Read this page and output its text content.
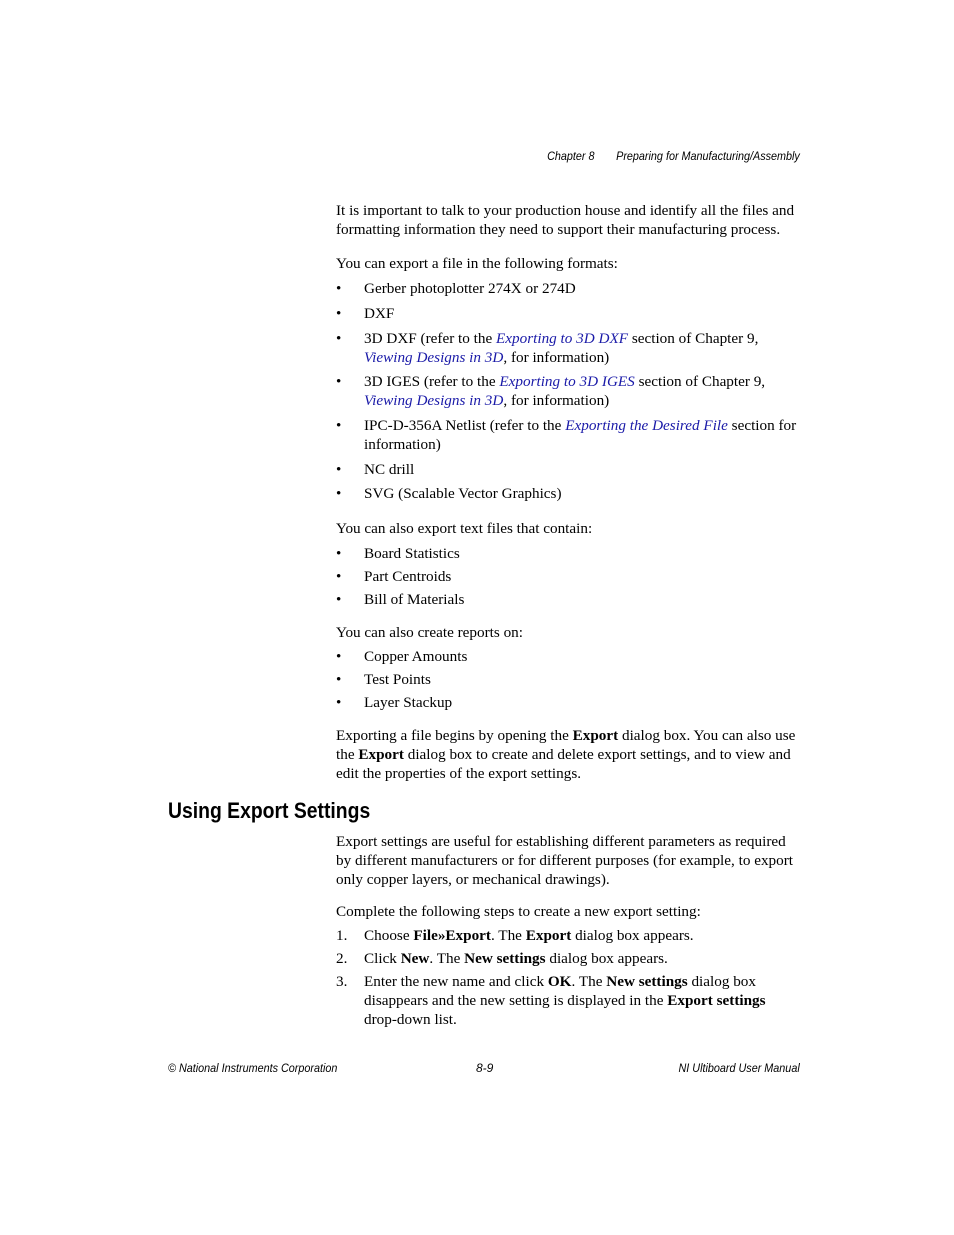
Chapter 8 Preparing for Manufacturing/Assembly

It is important to talk to your production house and identify all the files and formatting information they need to support their manufacturing process.

You can export a file in the following formats:

• Gerber photoplotter 274X or 274D
• DXF
• 3D DXF (refer to the Exporting to 3D DXF section of Chapter 9, Viewing Designs in 3D, for information)
• 3D IGES (refer to the Exporting to 3D IGES section of Chapter 9, Viewing Designs in 3D, for information)
• IPC-D-356A Netlist (refer to the Exporting the Desired File section for information)
• NC drill
• SVG (Scalable Vector Graphics)

You can also export text files that contain:

• Board Statistics
• Part Centroids
• Bill of Materials

You can also create reports on:

• Copper Amounts
• Test Points
• Layer Stackup

Exporting a file begins by opening the Export dialog box. You can also use the Export dialog box to create and delete export settings, and to view and edit the properties of the export settings.

Export settings are useful for establishing different parameters as required by different manufacturers or for different purposes (for example, to export only copper layers, or mechanical drawings).

Complete the following steps to create a new export setting:

1. Choose File»Export. The Export dialog box appears.
2. Click New. The New settings dialog box appears.
3. Enter the new name and click OK. The New settings dialog box disappears and the new setting is displayed in the Export settings drop-down list.
Using Export Settings
© National Instruments Corporation	8-9	NI Ultiboard User Manual
